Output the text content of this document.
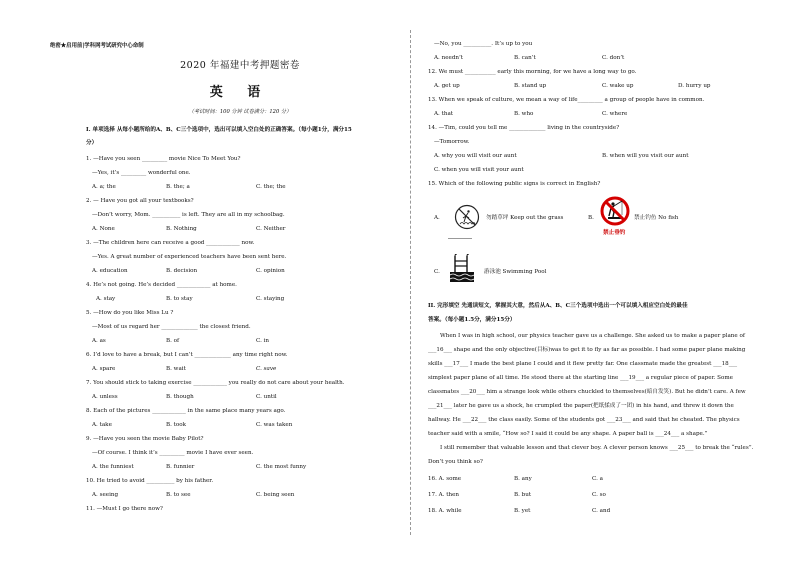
绝密★启用前|学科网考试研究中心命制
2020 年福建中考押题密卷
英 语
（考试时间：100 分钟 试卷满分：120 分）
I. 单项选择 从每小题所给的A、B、C三个选项中，选出可以填入空白处的正确答案。（每小题1分，满分15
分）
1. —Have you seen _________ movie Nice To Meet You?
—Yes, it’s _________ wonderful one.
A. a; the	B. the; a	C. the; the
2. — Have you got all your textbooks?
—Don’t worry, Mom. __________ is left. They are all in my schoolbag.
A. None	B. Nothing	C. Neither
3. —The children here can receive a good ____________ now.
—Yes. A great number of experienced teachers have been sent here.
A. education	B. decision	C. opinion
4. He’s not going. He’s decided ____________ at home.
A. stay	B. to stay	C. staying
5. —How do you like Miss Lu ?
—Most of us regard her _____________ the closest friend.
A. as	B. of	C. in
6. I’d love to have a break, but I can’t _____________ any time right now.
A. spare	B. wait	C. save
7. You should stick to taking exercise ____________ you really do not care about your health.
A. unless	B. though	C. until
8. Each of the pictures ____________ in the same place many years ago.
A. take	B. took	C. was taken
9. —Have you seen the movie Baby Pilot?
—Of course. I think it’s _________ movie I have ever seen.
A. the funniest	B. funnier	C. the most funny
10. He tried to avoid __________ by his father.
A. seeing	B. to see	C. being seen
11. —Must I go there now?
—No, you __________. It’s up to you
A. needn’t	B. can’t	C. don’t
12. We must ___________ early this morning, for we have a long way to go.
A. get up	B. stand up	C. wake up	D. hurry up
13. When we speak of culture, we mean a way of life_________ a group of people have in common.
A. that	B. who	C. where
14. —Tim, could you tell me _____________ living in the countryside?
—Tomorrow.
A. why you will visit our aunt	B. when will you visit our aunt
C. when you will visit your aunt
15. Which of the following public signs is correct in English?
A.	勿踏草坪 Keep out the grass	B.
禁止垂钓
禁止钓鱼 No fish
C.	游泳池 Swimming Pool
II. 完形填空 先通读短文，掌握其大意，然后从A、B、C三个选项中选出一个可以填入相应空白处的最佳
答案。（每小题1.5分，满分15分）
When I was in high school, our physics teacher gave us a challenge. She asked us to make a paper plane of
___16___ shape and the only objective(目标)was to get it to fly as far as possible. I had some paper plane making
skills ___17___ I made the best plane I could and it flew pretty far. One classmate made the greatest ___18___
simplest paper plane of all time. He stood there at the starting line ___19___ a regular piece of paper. Some
classmates ___20___ him a strange look while others chuckled to themselves(暗自发笑). But he didn’t care. A few
___21___ later he gave us a shock, he crumpled the paper(把纸揉成了一团) in his hand, and threw it down the
hallway. He ___22___ the class easily. Some of the students got ___23___ and said that he cheated. The physics
teacher said with a smile, “How so? I said it could be any shape. A paper ball is ___24___ a shape.”
I still remember that valuable lesson and that clever boy. A clever person knows ___25___ to break the “rules”.
Don’t you think so?
16. A. some	B. any	C. a
17. A. then	B. but	C. so
18. A. while	B. yet	C. and
